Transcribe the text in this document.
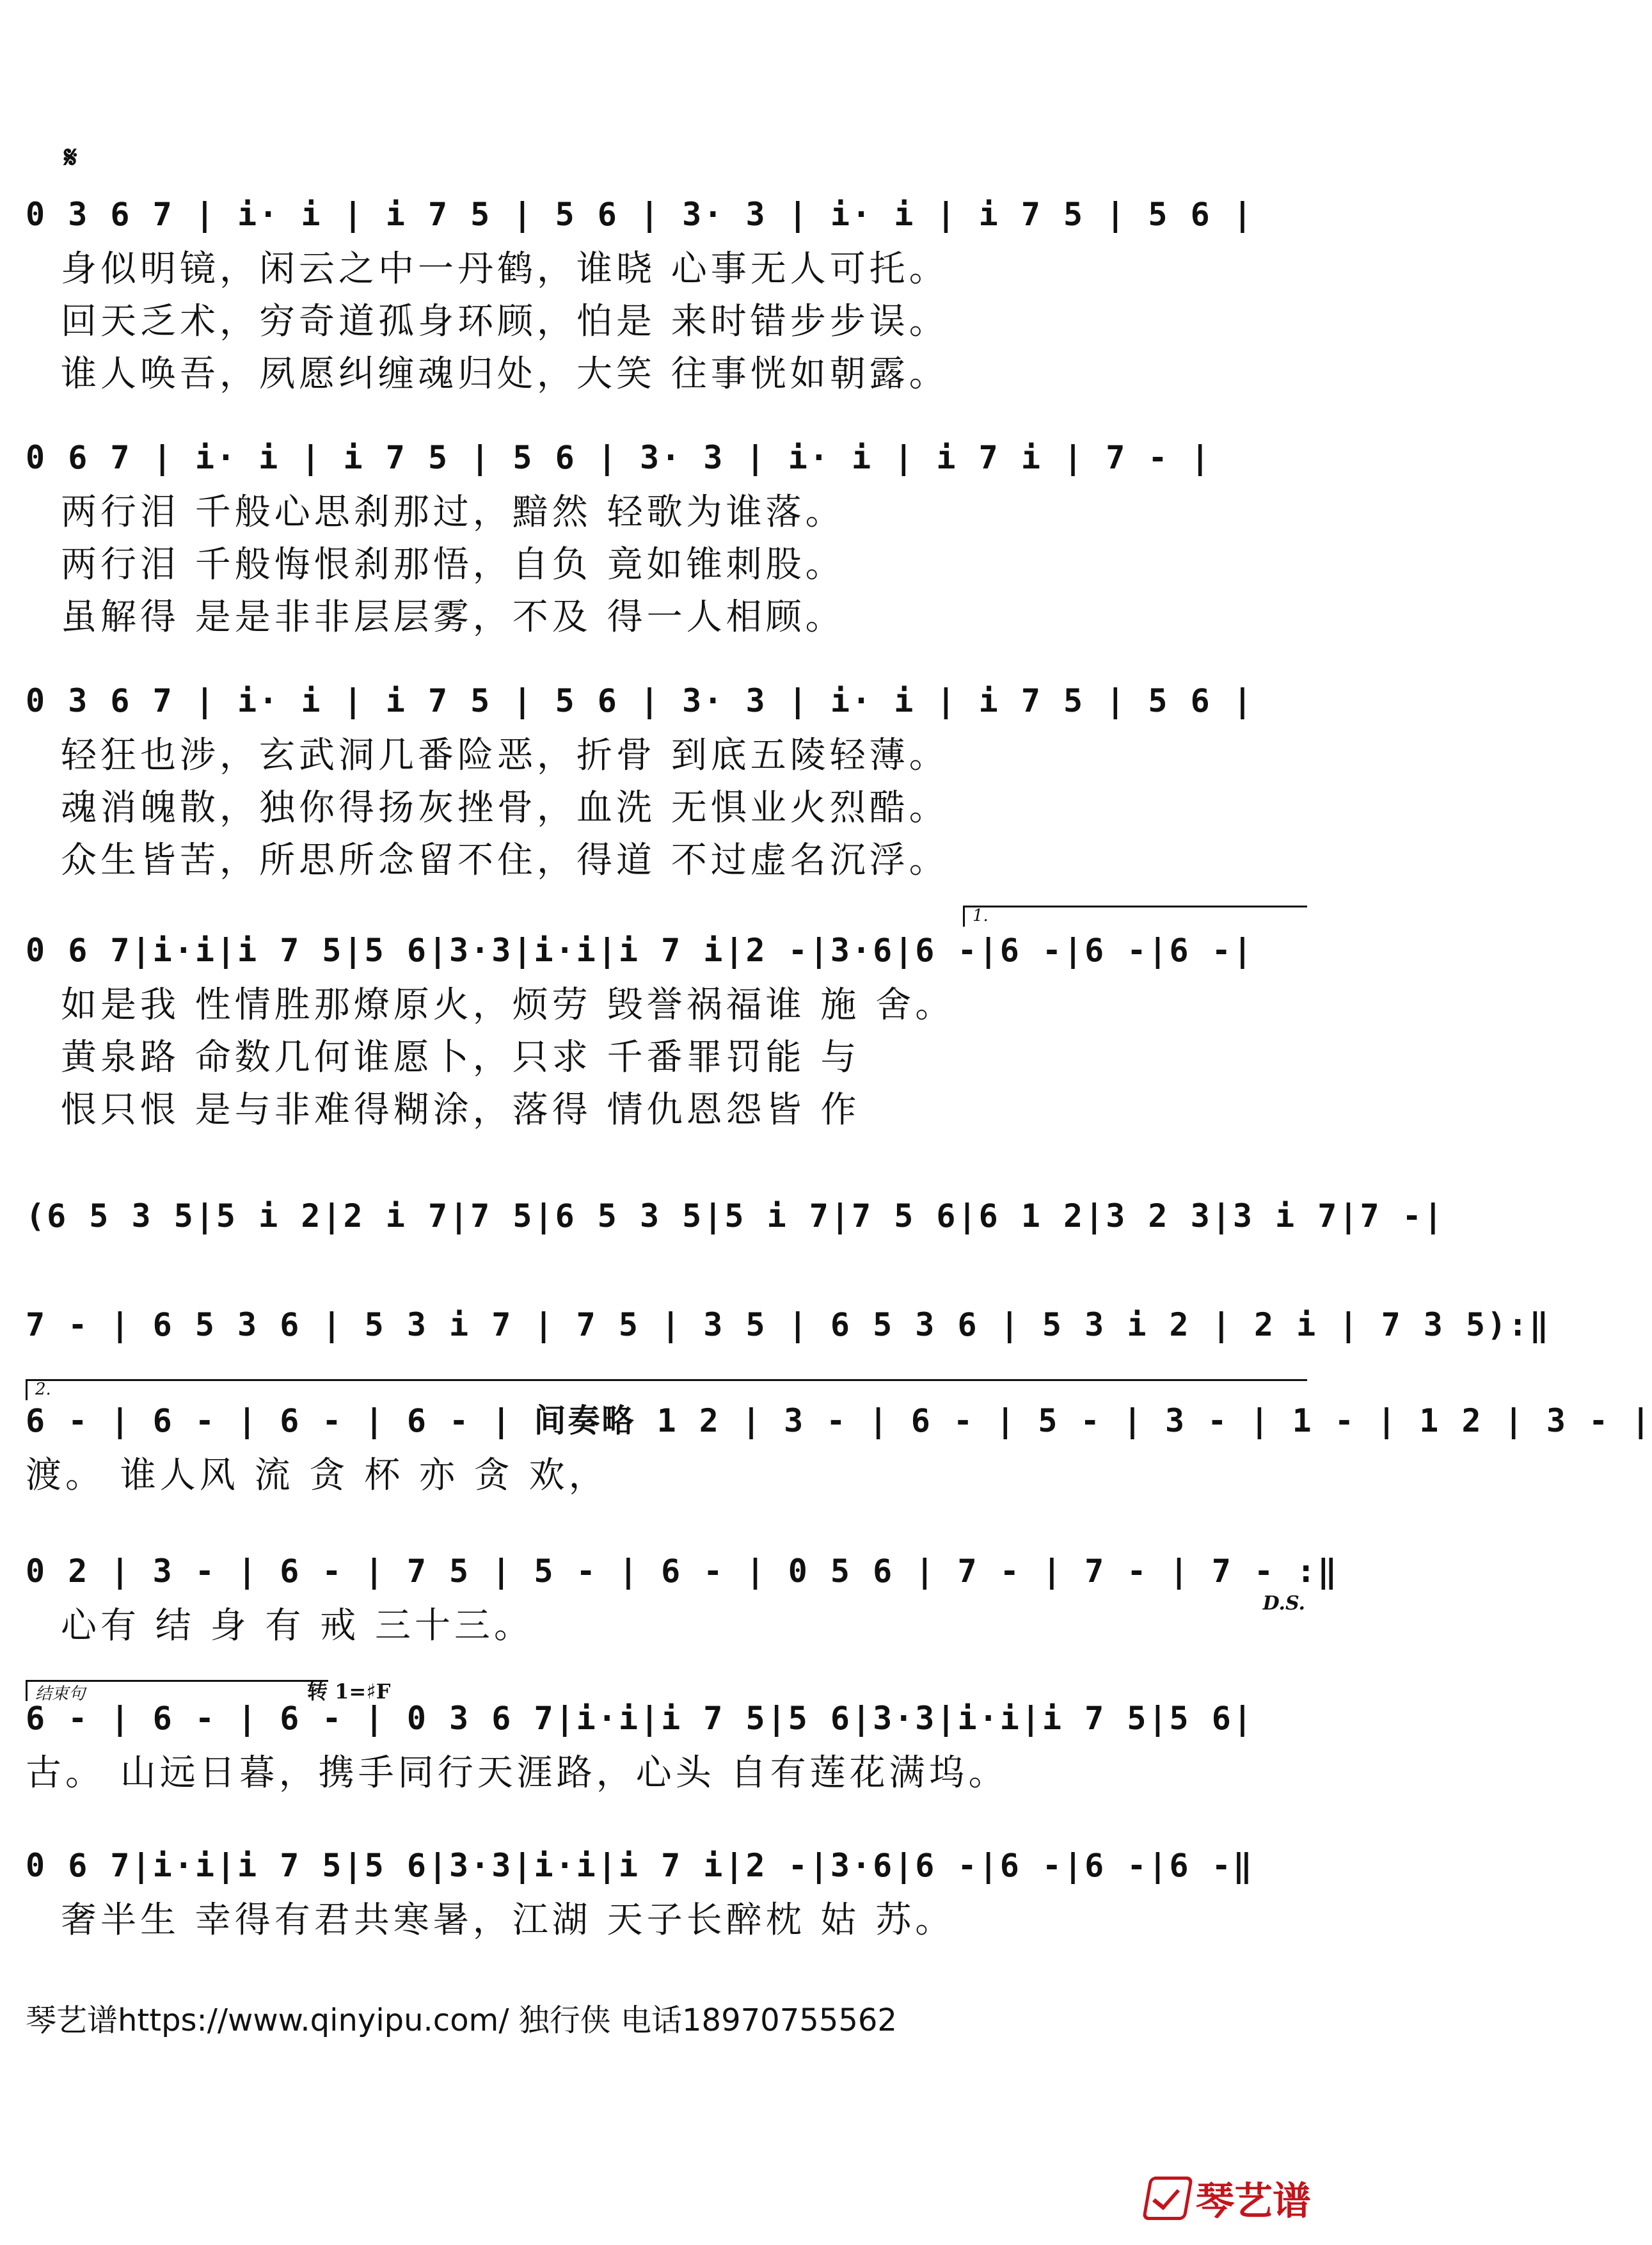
𝄋
0 3 6 7 | i· i | i 7 5 | 5 6 | 3· 3 | i· i | i 7 5 | 5 6 |
身似明镜，闲云之中一丹鹤，谁晓 心事无人可托。
回天乏术，穷奇道孤身环顾，怕是 来时错步步误。
谁人唤吾，夙愿纠缠魂归处，大笑 往事恍如朝露。
0 6 7 | i· i | i 7 5 | 5 6 | 3· 3 | i· i | i 7 i | 7 - |
两行泪 千般心思刹那过，黯然 轻歌为谁落。
两行泪 千般悔恨刹那悟，自负 竟如锥刺股。
虽解得 是是非非层层雾，不及 得一人相顾。
0 3 6 7 | i· i | i 7 5 | 5 6 | 3· 3 | i· i | i 7 5 | 5 6 |
轻狂也涉，玄武洞几番险恶，折骨 到底五陵轻薄。
魂消魄散，独你得扬灰挫骨，血洗 无惧业火烈酷。
众生皆苦，所思所念留不住，得道 不过虚名沉浮。
1.
0 6 7|i·i|i 7 5|5 6|3·3|i·i|i 7 i|2 -|3·6|6 -|6 -|6 -|6 -|
如是我 性情胜那燎原火，烦劳 毁誉祸福谁 施 舍。
黄泉路 命数几何谁愿卜，只求 千番罪罚能 与
恨只恨 是与非难得糊涂，落得 情仇恩怨皆 作
(6 5 3 5|5 i 2|2 i 7|7 5|6 5 3 5|5 i 7|7 5 6|6 1 2|3 2 3|3 i 7|7 -|
7 - | 6 5 3 6 | 5 3 i 7 | 7 5 | 3 5 | 6 5 3 6 | 5 3 i 2 | 2 i | 7 3 5):‖
2.
6 - | 6 - | 6 - | 6 - | 间奏略 1 2 | 3 - | 6 - | 5 - | 3 - | 1 - | 1 2 | 3 - |
渡。 谁人风 流 贪 杯 亦 贪 欢，
0 2 | 3 - | 6 - | 7 5 | 5 - | 6 - | 0 5 6 | 7 - | 7 - | 7 - :‖
心有 结 身 有 戒 三十三。
D.S.
结束句	转 1=♯F
6 - | 6 - | 6 - | 0 3 6 7|i·i|i 7 5|5 6|3·3|i·i|i 7 5|5 6|
古。 山远日暮，携手同行天涯路，心头 自有莲花满坞。
0 6 7|i·i|i 7 5|5 6|3·3|i·i|i 7 i|2 -|3·6|6 -|6 -|6 -|6 -‖
奢半生 幸得有君共寒暑，江湖 天子长醉枕 姑 苏。
琴艺谱https://www.qinyipu.com/ 独行侠 电话18970755562
琴艺谱
